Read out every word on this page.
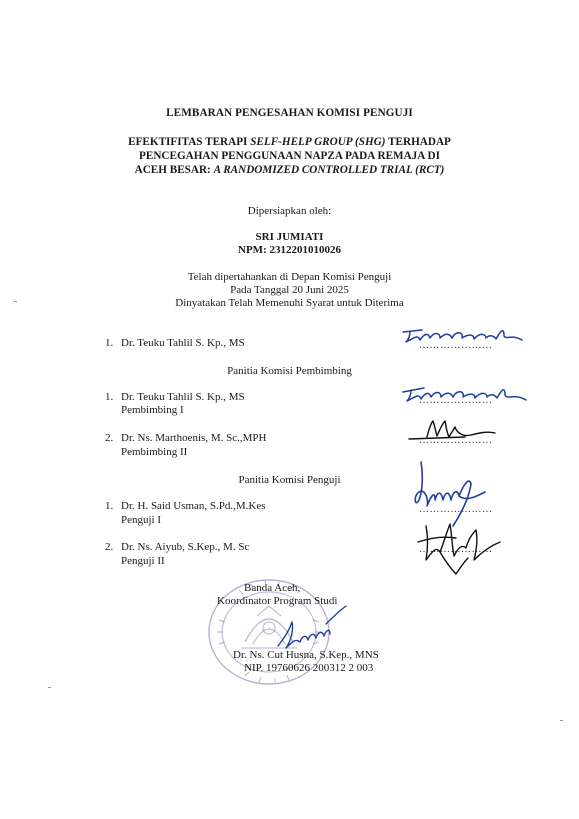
LEMBARAN PENGESAHAN KOMISI PENGUJI
EFEKTIFITAS TERAPI SELF-HELP GROUP (SHG) TERHADAP
PENCEGAHAN PENGGUNAAN NAPZA PADA REMAJA DI
ACEH BESAR: A RANDOMIZED CONTROLLED TRIAL (RCT)
Dipersiapkan oleh:
SRI JUMIATI
NPM: 2312201010026
Telah dipertahankan di Depan Komisi Penguji
Pada Tanggal 20 Juni 2025
Dinyatakan Telah Memenuhi Syarat untuk Diterima
1. Dr. Teuku Tahlil S. Kp., MS	…………………
Panitia Komisi Pembimbing
1. Dr. Teuku Tahlil S. Kp., MS
Pembimbing I
…………………
2. Dr. Ns. Marthoenis, M. Sc.,MPH
Pembimbing II
…………………
Panitia Komisi Penguji
1. Dr. H. Said Usman, S.Pd.,M.Kes
Penguji I
…………………
2. Dr. Ns. Aiyub, S.Kep., M. Sc
Penguji II
…………………
Banda Aceh,
Koordinator Program Studi
Dr. Ns. Cut Husna, S.Kep., MNS
NIP. 19760626 200312 2 003
